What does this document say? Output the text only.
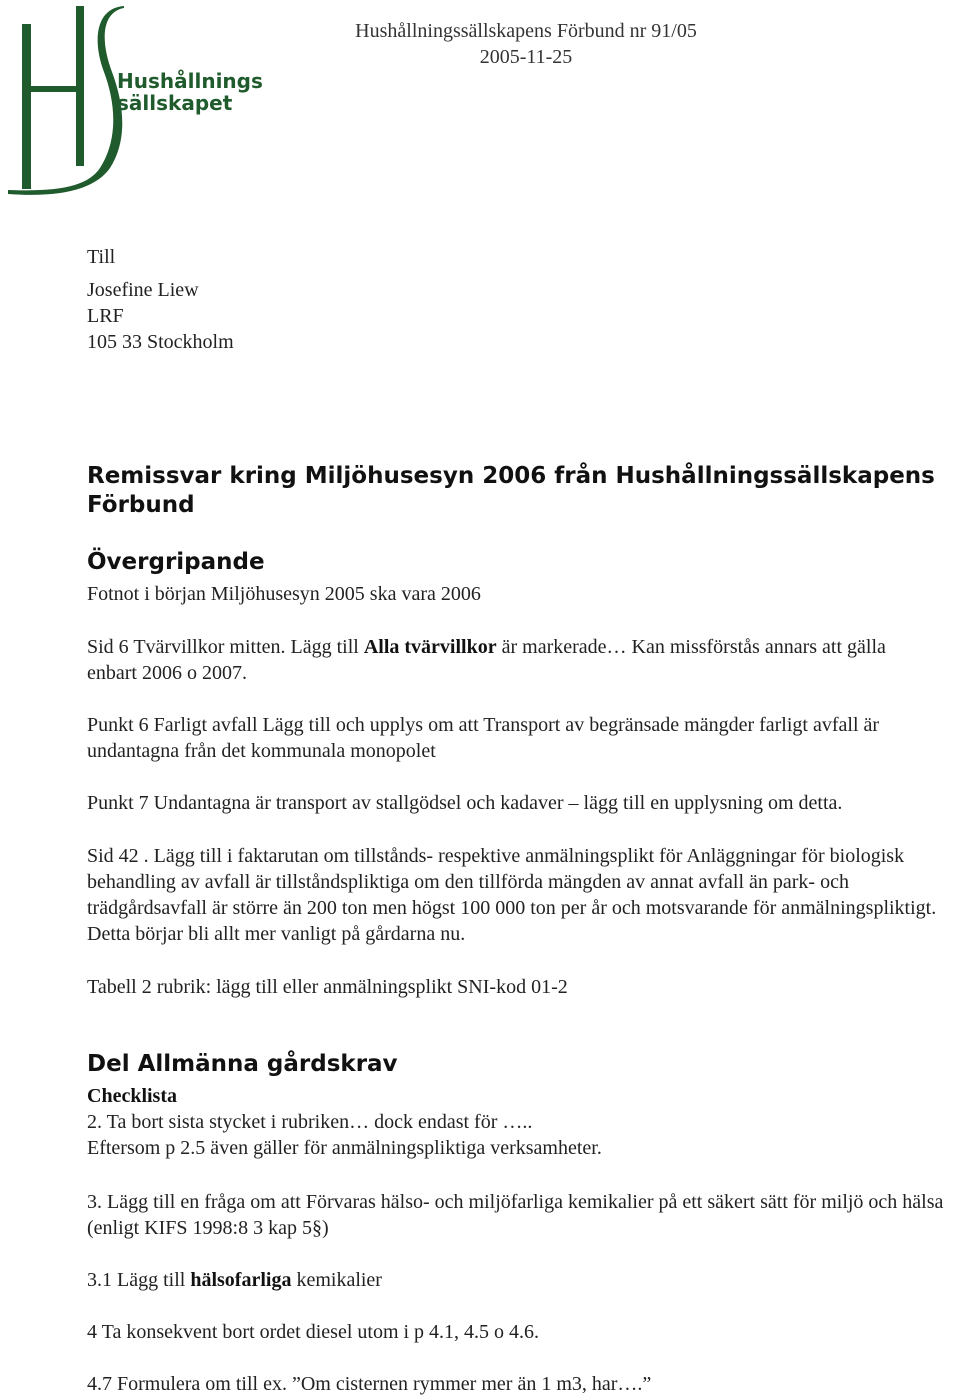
Hushållnings
sällskapet
Hushållningssällskapens Förbund nr 91/05
2005-11-25
Till
Josefine Liew
LRF
105 33 Stockholm
Remissvar kring Miljöhusesyn 2006 från Hushållningssällskapens Förbund
Övergripande
Fotnot i början Miljöhusesyn 2005 ska vara 2006
Sid 6 Tvärvillkor mitten. Lägg till Alla tvärvillkor är markerade… Kan missförstås annars att gälla enbart 2006 o 2007.
Punkt 6 Farligt avfall Lägg till och upplys om att Transport av begränsade mängder farligt avfall är undantagna från det kommunala monopolet
Punkt 7 Undantagna är transport av stallgödsel och kadaver – lägg till en upplysning om detta.
Sid 42 . Lägg till i faktarutan om tillstånds- respektive anmälningsplikt för Anläggningar för biologisk behandling av avfall är tillståndspliktiga om den tillförda mängden av annat avfall än park- och trädgårdsavfall är större än 200 ton men högst 100 000 ton per år och motsvarande för anmälningspliktigt. Detta börjar bli allt mer vanligt på gårdarna nu.
Tabell 2 rubrik: lägg till eller anmälningsplikt SNI-kod 01-2
Del Allmänna gårdskrav
Checklista
2. Ta bort sista stycket i rubriken… dock endast för …..
Eftersom p 2.5 även gäller för anmälningspliktiga verksamheter.
3. Lägg till en fråga om att Förvaras hälso- och miljöfarliga kemikalier på ett säkert sätt för miljö och hälsa (enligt KIFS 1998:8 3 kap 5§)
3.1 Lägg till hälsofarliga kemikalier
4 Ta konsekvent bort ordet diesel utom i p 4.1, 4.5 o 4.6.
4.7 Formulera om till ex. ”Om cisternen rymmer mer än 1 m3, har….”
